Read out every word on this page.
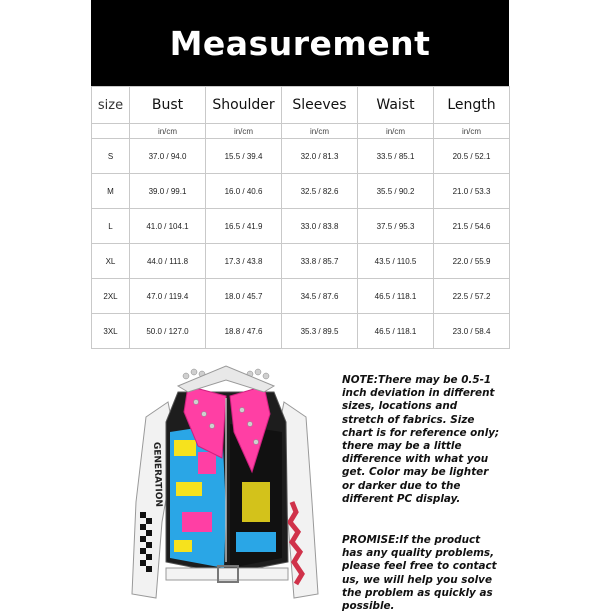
Measurement
size	Bust	Shoulder	Sleeves	Waist	Length
	in/cm	in/cm	in/cm	in/cm	in/cm
S	37.0 / 94.0	15.5 / 39.4	32.0 / 81.3	33.5 / 85.1	20.5 / 52.1
M	39.0 / 99.1	16.0 / 40.6	32.5 / 82.6	35.5 / 90.2	21.0 / 53.3
L	41.0 / 104.1	16.5 / 41.9	33.0 / 83.8	37.5 / 95.3	21.5 / 54.6
XL	44.0 / 111.8	17.3 / 43.8	33.8 / 85.7	43.5 / 110.5	22.0 / 55.9
2XL	47.0 / 119.4	18.0 / 45.7	34.5 / 87.6	46.5 / 118.1	22.5 / 57.2
3XL	50.0 / 127.0	18.8 / 47.6	35.3 / 89.5	46.5 / 118.1	23.0 / 58.4
GENERATION

NOTE:There may be 0.5-1 inch deviation in different sizes, locations and stretch of fabrics. Size chart is for reference only; there may be a little difference with what you get. Color may be lighter or darker due to the different PC display.

PROMISE:If the product has any quality problems, please feel free to contact us, we will help you solve the problem as quickly as possible.
